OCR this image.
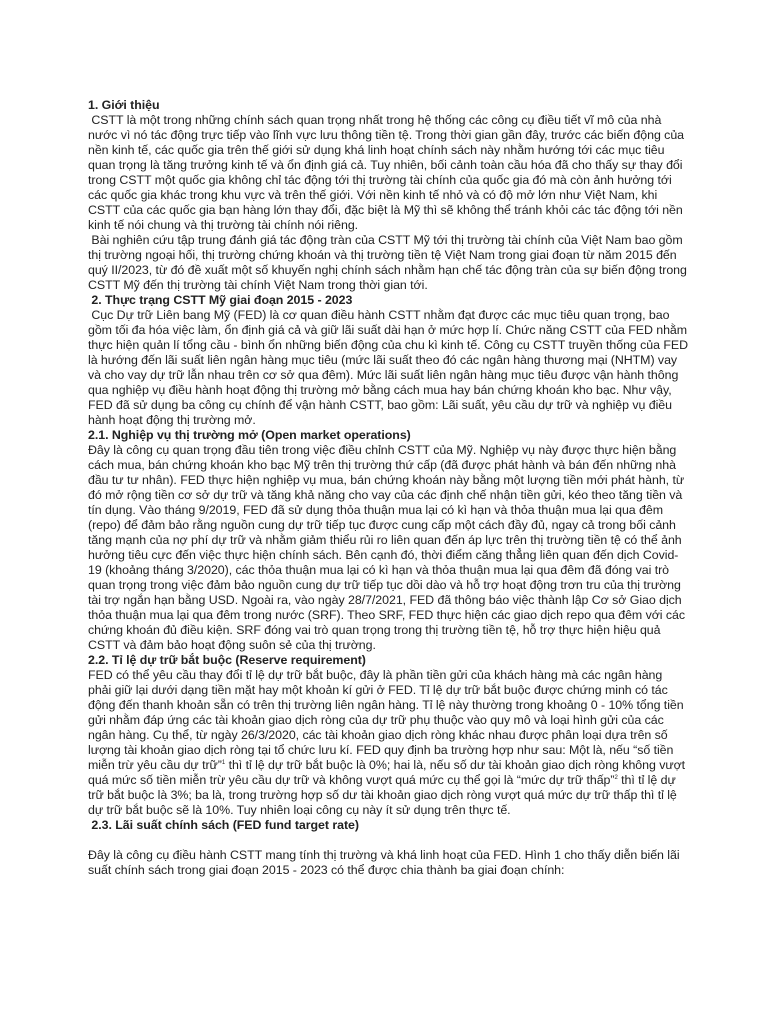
1. Giới thiệu

CSTT là một trong những chính sách quan trọng nhất trong hệ thống các công cụ điều tiết vĩ mô của nhà nước vì nó tác động trực tiếp vào lĩnh vực lưu thông tiền tệ. Trong thời gian gần đây, trước các biến động của nền kinh tế, các quốc gia trên thế giới sử dụng khá linh hoạt chính sách này nhằm hướng tới các mục tiêu quan trọng là tăng trưởng kinh tế và ổn định giá cả. Tuy nhiên, bối cảnh toàn cầu hóa đã cho thấy sự thay đổi trong CSTT một quốc gia không chỉ tác động tới thị trường tài chính của quốc gia đó mà còn ảnh hưởng tới các quốc gia khác trong khu vực và trên thế giới. Với nền kinh tế nhỏ và có độ mở lớn như Việt Nam, khi CSTT của các quốc gia bạn hàng lớn thay đổi, đặc biệt là Mỹ thì sẽ không thể tránh khỏi các tác động tới nền kinh tế nói chung và thị trường tài chính nói riêng.

Bài nghiên cứu tập trung đánh giá tác động tràn của CSTT Mỹ tới thị trường tài chính của Việt Nam bao gồm thị trường ngoại hối, thị trường chứng khoán và thị trường tiền tệ Việt Nam trong giai đoạn từ năm 2015 đến quý II/2023, từ đó đề xuất một số khuyến nghị chính sách nhằm hạn chế tác động tràn của sự biến động trong CSTT Mỹ đến thị trường tài chính Việt Nam trong thời gian tới.

2. Thực trạng CSTT Mỹ giai đoạn 2015 - 2023

Cục Dự trữ Liên bang Mỹ (FED) là cơ quan điều hành CSTT nhằm đạt được các mục tiêu quan trọng, bao gồm tối đa hóa việc làm, ổn định giá cả và giữ lãi suất dài hạn ở mức hợp lí. Chức năng CSTT của FED nhằm thực hiện quản lí tổng cầu - bình ổn những biến động của chu kì kinh tế. Công cụ CSTT truyền thống của FED là hướng đến lãi suất liên ngân hàng mục tiêu (mức lãi suất theo đó các ngân hàng thương mại (NHTM) vay và cho vay dự trữ lẫn nhau trên cơ sở qua đêm). Mức lãi suất liên ngân hàng mục tiêu được vận hành thông qua nghiệp vụ điều hành hoạt động thị trường mở bằng cách mua hay bán chứng khoán kho bạc. Như vậy, FED đã sử dụng ba công cụ chính để vận hành CSTT, bao gồm: Lãi suất, yêu cầu dự trữ và nghiệp vụ điều hành hoạt động thị trường mở.

2.1. Nghiệp vụ thị trường mở (Open market operations)

Đây là công cụ quan trọng đầu tiên trong việc điều chỉnh CSTT của Mỹ. Nghiệp vụ này được thực hiện bằng cách mua, bán chứng khoán kho bạc Mỹ trên thị trường thứ cấp (đã được phát hành và bán đến những nhà đầu tư tư nhân). FED thực hiện nghiệp vụ mua, bán chứng khoán này bằng một lượng tiền mới phát hành, từ đó mở rộng tiền cơ sở dự trữ và tăng khả năng cho vay của các định chế nhận tiền gửi, kéo theo tăng tiền và tín dụng. Vào tháng 9/2019, FED đã sử dụng thỏa thuận mua lại có kì hạn và thỏa thuận mua lại qua đêm (repo) để đảm bảo rằng nguồn cung dự trữ tiếp tục được cung cấp một cách đầy đủ, ngay cả trong bối cảnh tăng mạnh của nợ phí dự trữ và nhằm giảm thiểu rủi ro liên quan đến áp lực trên thị trường tiền tệ có thể ảnh hưởng tiêu cực đến việc thực hiện chính sách. Bên cạnh đó, thời điểm căng thẳng liên quan đến dịch Covid-19 (khoảng tháng 3/2020), các thỏa thuận mua lại có kì hạn và thỏa thuận mua lại qua đêm đã đóng vai trò quan trọng trong việc đảm bảo nguồn cung dự trữ tiếp tục dồi dào và hỗ trợ hoạt động trơn tru của thị trường tài trợ ngắn hạn bằng USD. Ngoài ra, vào ngày 28/7/2021, FED đã thông báo việc thành lập Cơ sở Giao dịch thỏa thuận mua lại qua đêm trong nước (SRF). Theo SRF, FED thực hiện các giao dịch repo qua đêm với các chứng khoán đủ điều kiện. SRF đóng vai trò quan trọng trong thị trường tiền tệ, hỗ trợ thực hiện hiệu quả CSTT và đảm bảo hoạt động suôn sẻ của thị trường.

2.2. Tỉ lệ dự trữ bắt buộc (Reserve requirement)

FED có thể yêu cầu thay đổi tỉ lệ dự trữ bắt buộc, đây là phần tiền gửi của khách hàng mà các ngân hàng phải giữ lại dưới dạng tiền mặt hay một khoản kí gửi ở FED. Tỉ lệ dự trữ bắt buộc được chứng minh có tác động đến thanh khoản sẵn có trên thị trường liên ngân hàng. Tỉ lệ này thường trong khoảng 0 - 10% tổng tiền gửi nhằm đáp ứng các tài khoản giao dịch ròng của dự trữ phụ thuộc vào quy mô và loại hình gửi của các ngân hàng. Cụ thể, từ ngày 26/3/2020, các tài khoản giao dịch ròng khác nhau được phân loại dựa trên số lượng tài khoản giao dịch ròng tại tổ chức lưu kí. FED quy định ba trường hợp như sau: Một là, nếu “số tiền miễn trừ yêu cầu dự trữ”$^1$ thì tỉ lệ dự trữ bắt buộc là 0%; hai là, nếu số dư tài khoản giao dịch ròng không vượt quá mức số tiền miễn trừ yêu cầu dự trữ và không vượt quá mức cụ thể gọi là “mức dự trữ thấp”$^2$ thì tỉ lệ dự trữ bắt buộc là 3%; ba là, trong trường hợp số dư tài khoản giao dịch ròng vượt quá mức dự trữ thấp thì tỉ lệ dự trữ bắt buộc sẽ là 10%. Tuy nhiên loại công cụ này ít sử dụng trên thực tế.

2.3. Lãi suất chính sách (FED fund target rate)

Đây là công cụ điều hành CSTT mang tính thị trường và khá linh hoạt của FED. Hình 1 cho thấy diễn biến lãi suất chính sách trong giai đoạn 2015 - 2023 có thể được chia thành ba giai đoạn chính:
